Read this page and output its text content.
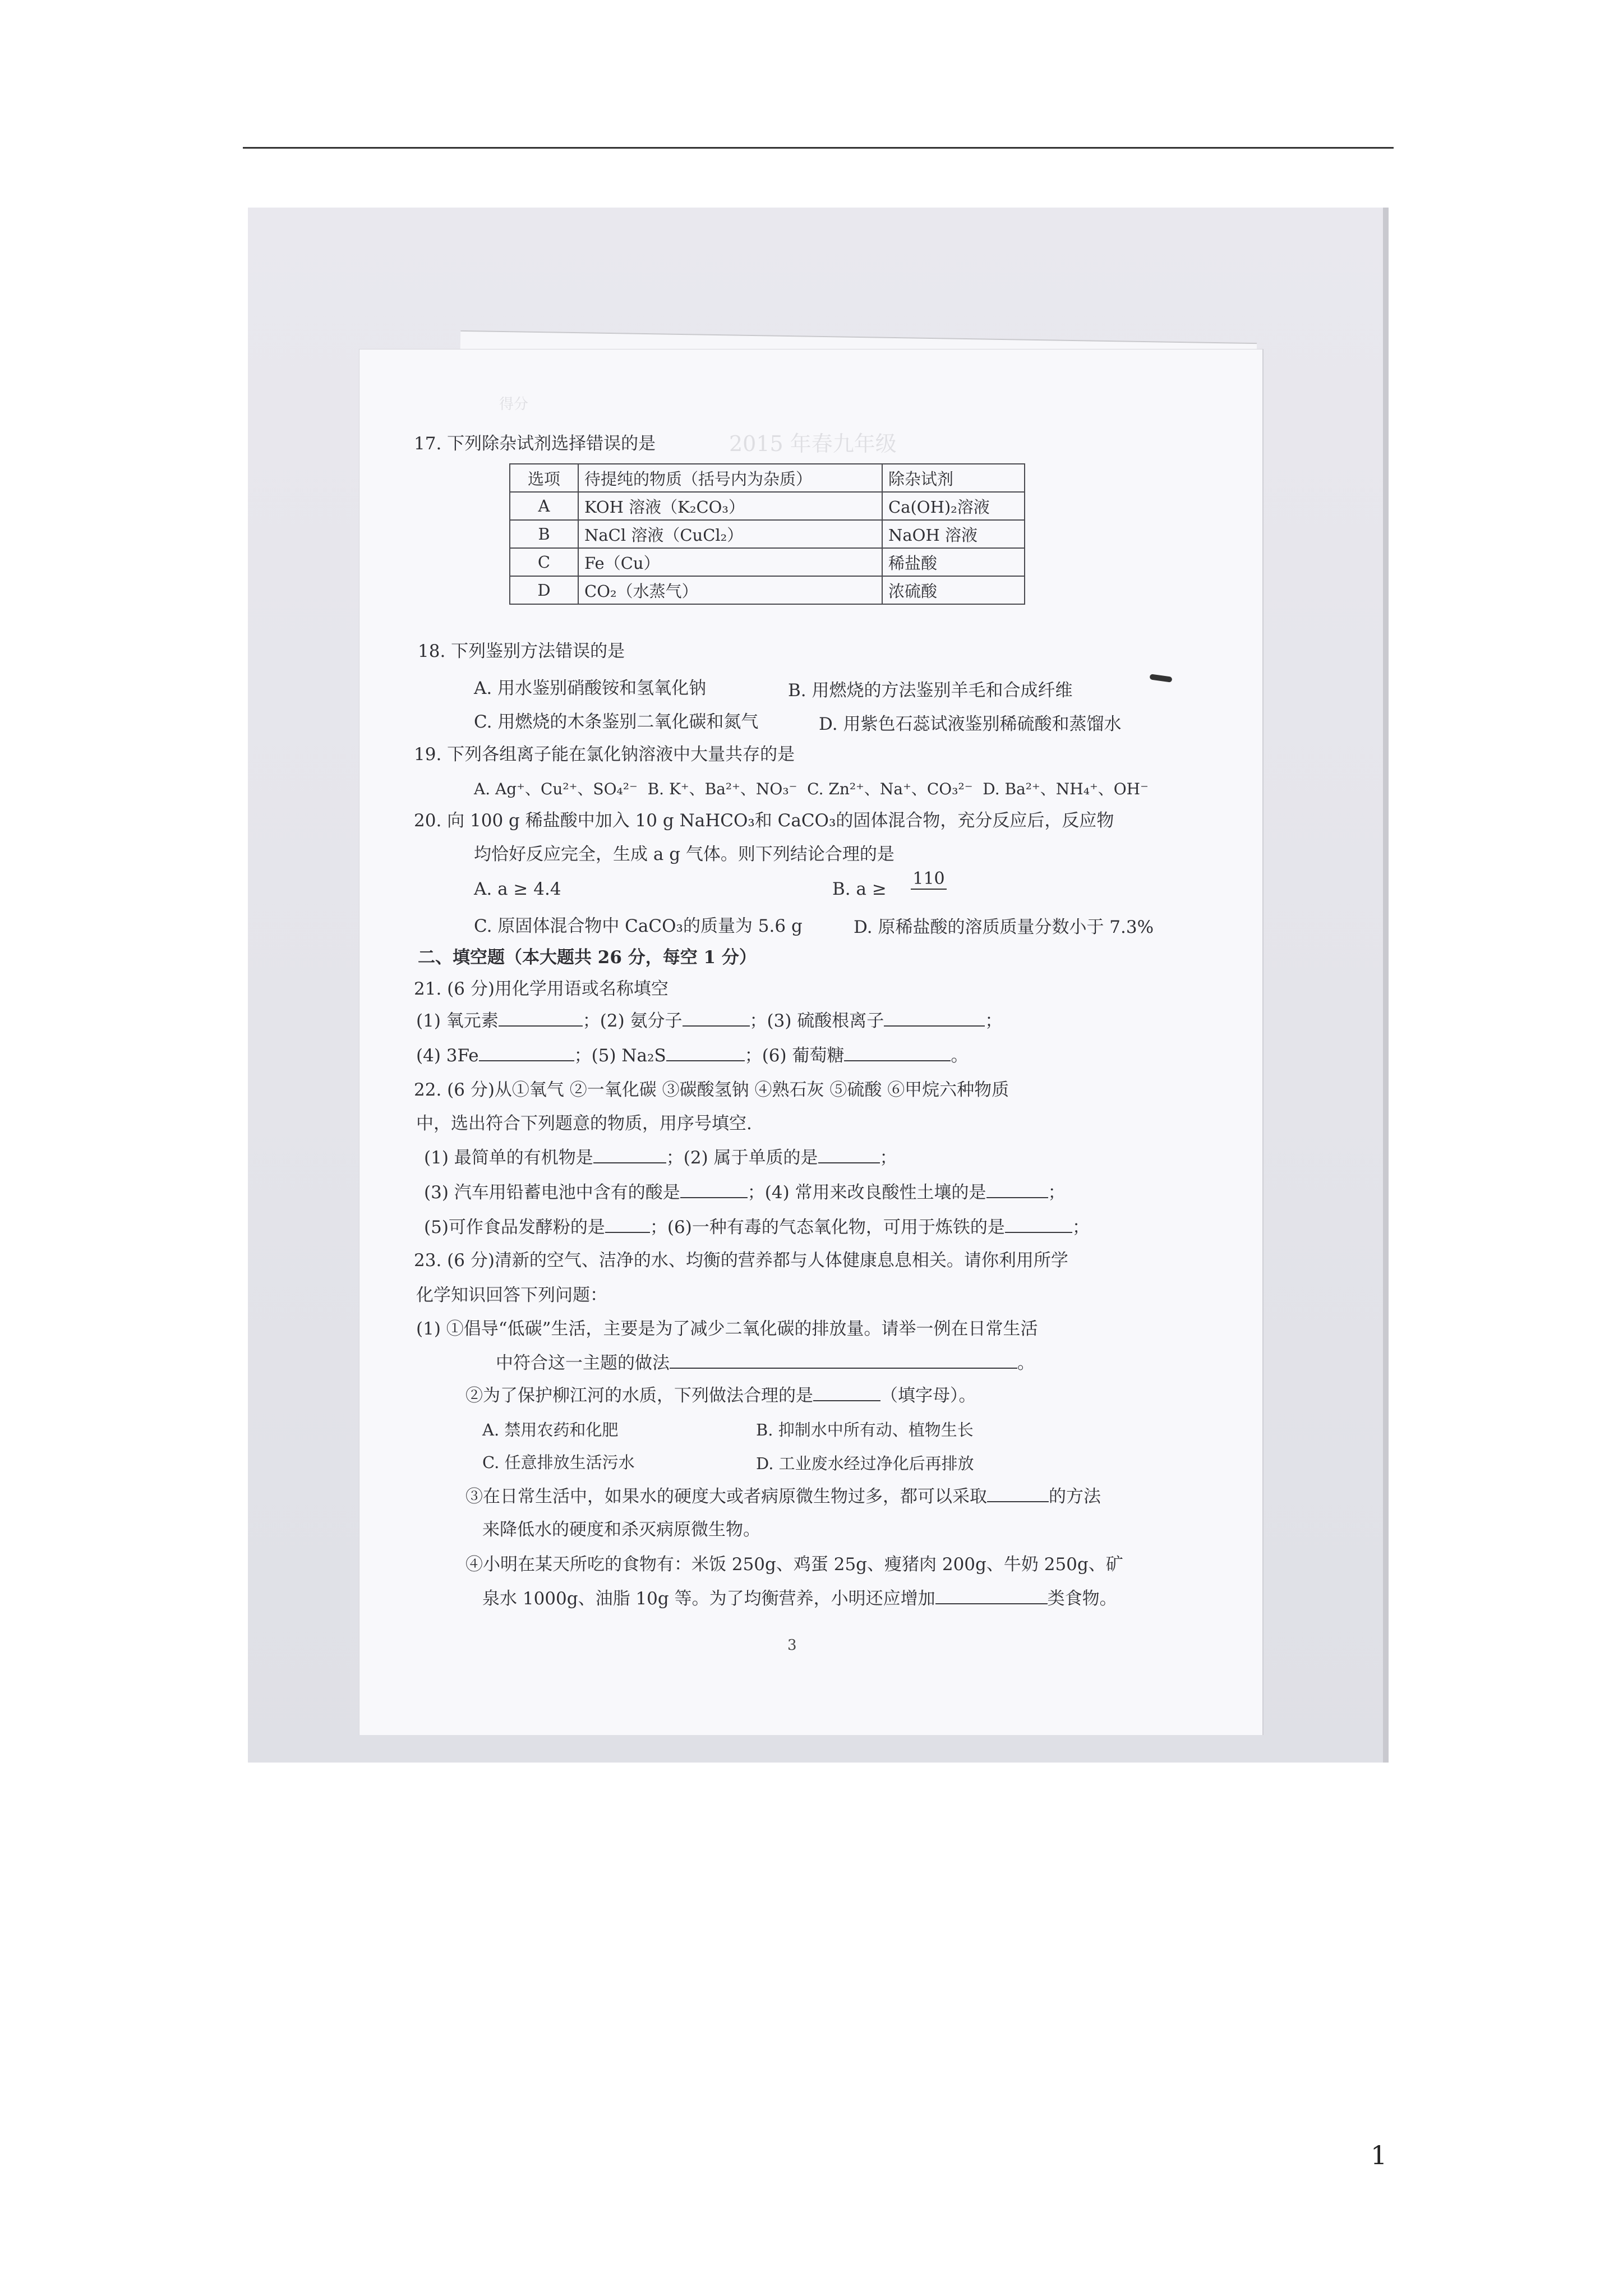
2015 年春九年级
得分
17. 下列除杂试剂选择错误的是
选项	待提纯的物质（括号内为杂质）	除杂试剂
A	KOH 溶液（K₂CO₃）	Ca(OH)₂溶液
B	NaCl 溶液（CuCl₂）	NaOH 溶液
C	Fe（Cu）	稀盐酸
D	CO₂（水蒸气）	浓硫酸
18. 下列鉴别方法错误的是
A. 用水鉴别硝酸铵和氢氧化钠	B. 用燃烧的方法鉴别羊毛和合成纤维
C. 用燃烧的木条鉴别二氧化碳和氮气	D. 用紫色石蕊试液鉴别稀硫酸和蒸馏水
19. 下列各组离子能在氯化钠溶液中大量共存的是
A. Ag⁺、Cu²⁺、SO₄²⁻  B. K⁺、Ba²⁺、NO₃⁻  C. Zn²⁺、Na⁺、CO₃²⁻  D. Ba²⁺、NH₄⁺、OH⁻
20. 向 100 g 稀盐酸中加入 10 g NaHCO₃和 CaCO₃的固体混合物，充分反应后，反应物
均恰好反应完全，生成 a g 气体。则下列结论合理的是
A. a ≥ 4.4	B. a ≥
110
C. 原固体混合物中 CaCO₃的质量为 5.6 g	D. 原稀盐酸的溶质质量分数小于 7.3%
二、填空题（本大题共 26 分，每空 1 分）
21. (6 分)用化学用语或名称填空
(1) 氧元素	；(2) 氨分子	；(3) 硫酸根离子	；
(4) 3Fe	；(5) Na₂S	；(6) 葡萄糖	。
22. (6 分)从①氧气 ②一氧化碳 ③碳酸氢钠 ④熟石灰 ⑤硫酸 ⑥甲烷六种物质
中，选出符合下列题意的物质，用序号填空.
(1) 最简单的有机物是	；(2) 属于单质的是	；
(3) 汽车用铅蓄电池中含有的酸是	；(4) 常用来改良酸性土壤的是	；
(5)可作食品发酵粉的是	；(6)一种有毒的气态氧化物，可用于炼铁的是	；
23. (6 分)清新的空气、洁净的水、均衡的营养都与人体健康息息相关。请你利用所学
化学知识回答下列问题：
(1) ①倡导“低碳”生活，主要是为了减少二氧化碳的排放量。请举一例在日常生活
中符合这一主题的做法	。
②为了保护柳江河的水质，下列做法合理的是	（填字母）。
A. 禁用农药和化肥	B. 抑制水中所有动、植物生长
C. 任意排放生活污水	D. 工业废水经过净化后再排放
③在日常生活中，如果水的硬度大或者病原微生物过多，都可以采取	的方法
来降低水的硬度和杀灭病原微生物。
④小明在某天所吃的食物有：米饭 250g、鸡蛋 25g、瘦猪肉 200g、牛奶 250g、矿
泉水 1000g、油脂 10g 等。为了均衡营养，小明还应增加	类食物。
3
1
